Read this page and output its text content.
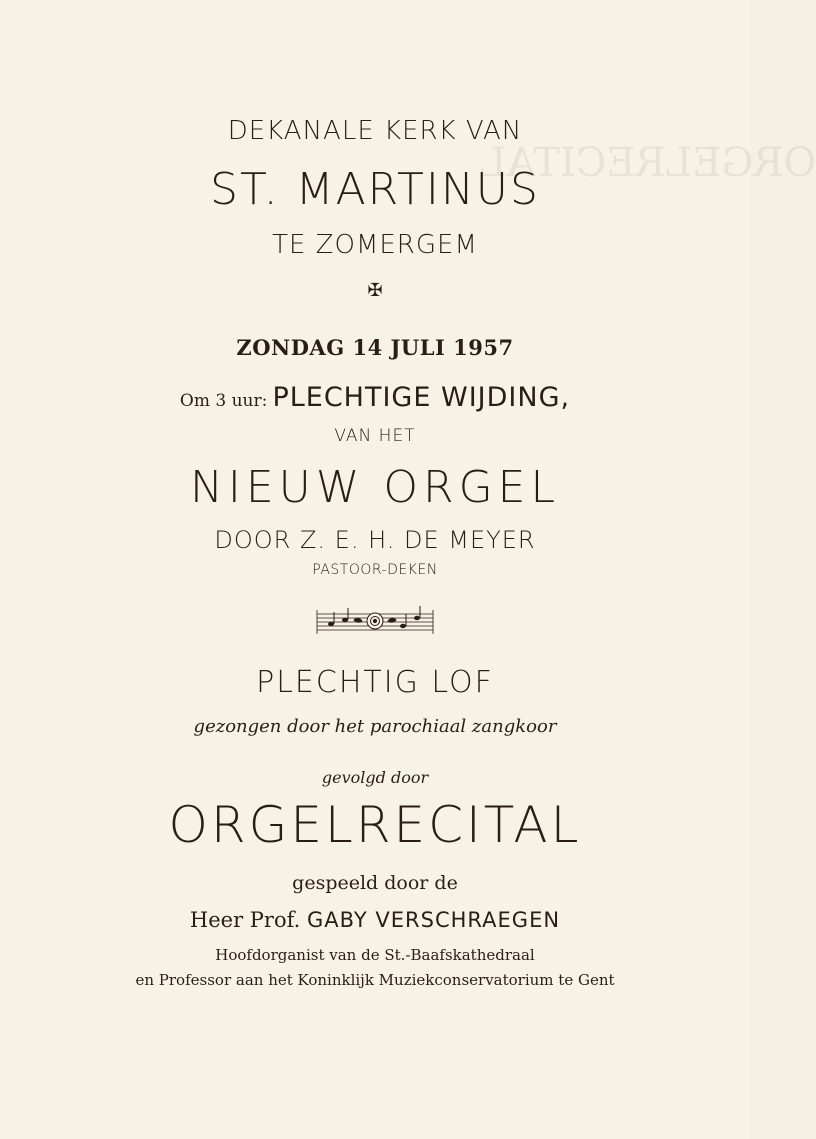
ORGELRECITAL
DEKANALE KERK VAN
ST. MARTINUS
TE ZOMERGEM
✠
ZONDAG 14 JULI 1957
Om 3 uur: PLECHTIGE WIJDING,
VAN HET
NIEUW ORGEL
DOOR Z. E. H. DE MEYER
PASTOOR-DEKEN
PLECHTIG LOF
gezongen door het parochiaal zangkoor
gevolgd door
ORGELRECITAL
gespeeld door de
Heer Prof. GABY VERSCHRAEGEN
Hoofdorganist van de St.-Baafskathedraal
en Professor aan het Koninklijk Muziekconservatorium te Gent
